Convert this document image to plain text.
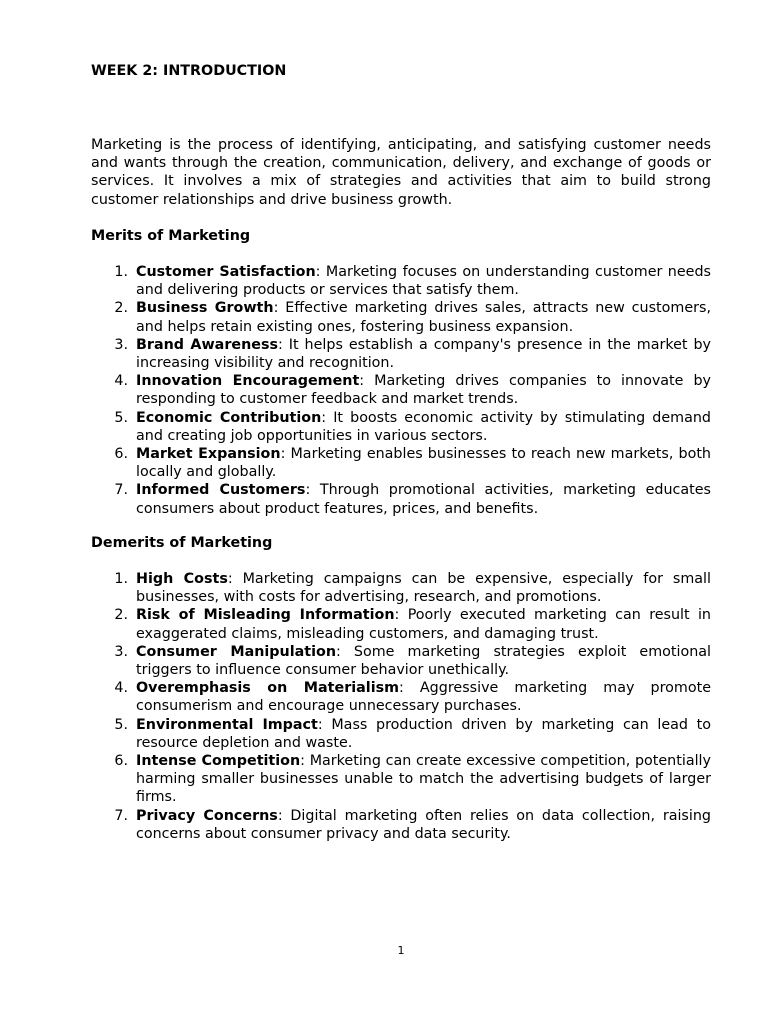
WEEK 2: INTRODUCTION

Marketing is the process of identifying, anticipating, and satisfying customer needs and wants through the creation, communication, delivery, and exchange of goods or services. It involves a mix of strategies and activities that aim to build strong customer relationships and drive business growth.

Merits of Marketing
1. Customer Satisfaction: Marketing focuses on understanding customer needs and delivering products or services that satisfy them.
2. Business Growth: Effective marketing drives sales, attracts new customers, and helps retain existing ones, fostering business expansion.
3. Brand Awareness: It helps establish a company's presence in the market by increasing visibility and recognition.
4. Innovation Encouragement: Marketing drives companies to innovate by responding to customer feedback and market trends.
5. Economic Contribution: It boosts economic activity by stimulating demand and creating job opportunities in various sectors.
6. Market Expansion: Marketing enables businesses to reach new markets, both locally and globally.
7. Informed Customers: Through promotional activities, marketing educates consumers about product features, prices, and benefits.
Demerits of Marketing
1. High Costs: Marketing campaigns can be expensive, especially for small businesses, with costs for advertising, research, and promotions.
2. Risk of Misleading Information: Poorly executed marketing can result in exaggerated claims, misleading customers, and damaging trust.
3. Consumer Manipulation: Some marketing strategies exploit emotional triggers to influence consumer behavior unethically.
4. Overemphasis on Materialism: Aggressive marketing may promote consumerism and encourage unnecessary purchases.
5. Environmental Impact: Mass production driven by marketing can lead to resource depletion and waste.
6. Intense Competition: Marketing can create excessive competition, potentially harming smaller businesses unable to match the advertising budgets of larger firms.
7. Privacy Concerns: Digital marketing often relies on data collection, raising concerns about consumer privacy and data security.
1
